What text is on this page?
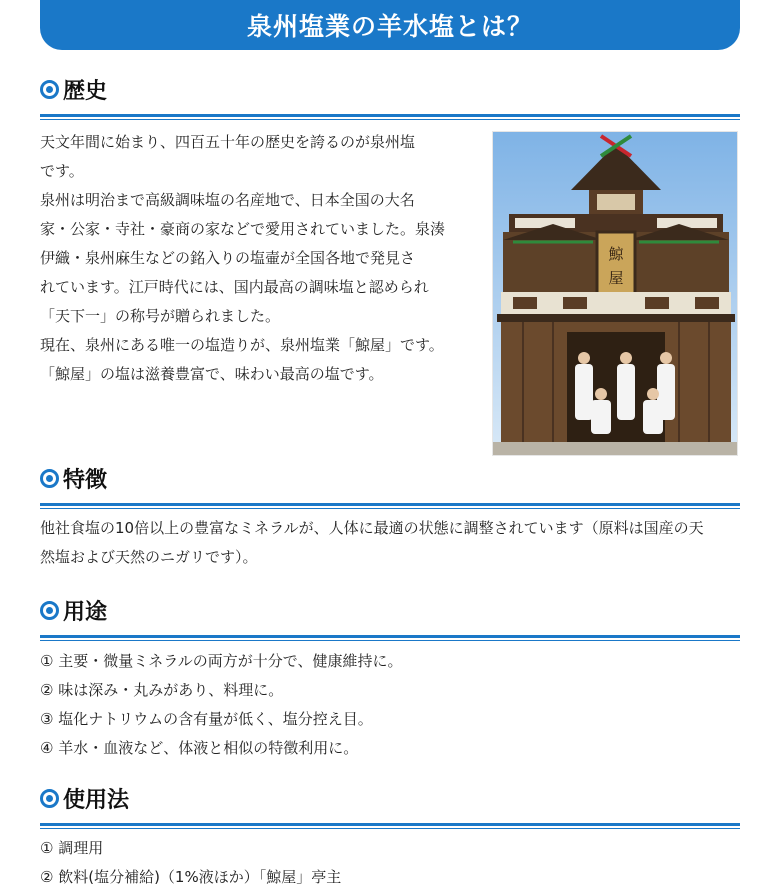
泉州塩業の羊水塩とは？
歴史

天文年間に始まり、四百五十年の歴史を誇るのが泉州塩

です。

泉州は明治まで高級調味塩の名産地で、日本全国の大名

家・公家・寺社・豪商の家などで愛用されていました。泉湊

伊織・泉州麻生などの銘入りの塩壷が全国各地で発見さ

れています。江戸時代には、国内最高の調味塩と認められ

「天下一」の称号が贈られました。

現在、泉州にある唯一の塩造りが、泉州塩業「鯨屋」です。

「鯨屋」の塩は滋養豊富で、味わい最高の塩です。

鯨
屋
特徴

他社食塩の10倍以上の豊富なミネラルが、人体に最適の状態に調整されています（原料は国産の天

然塩および天然のニガリです）。

用途
① 主要・微量ミネラルの両方が十分で、健康維持に。
② 味は深み・丸みがあり、料理に。
③ 塩化ナトリウムの含有量が低く、塩分控え目。
④ 羊水・血液など、体液と相似の特徴利用に。
使用法
① 調理用
② 飲料(塩分補給)（1%液ほか）「鯨屋」亭主
